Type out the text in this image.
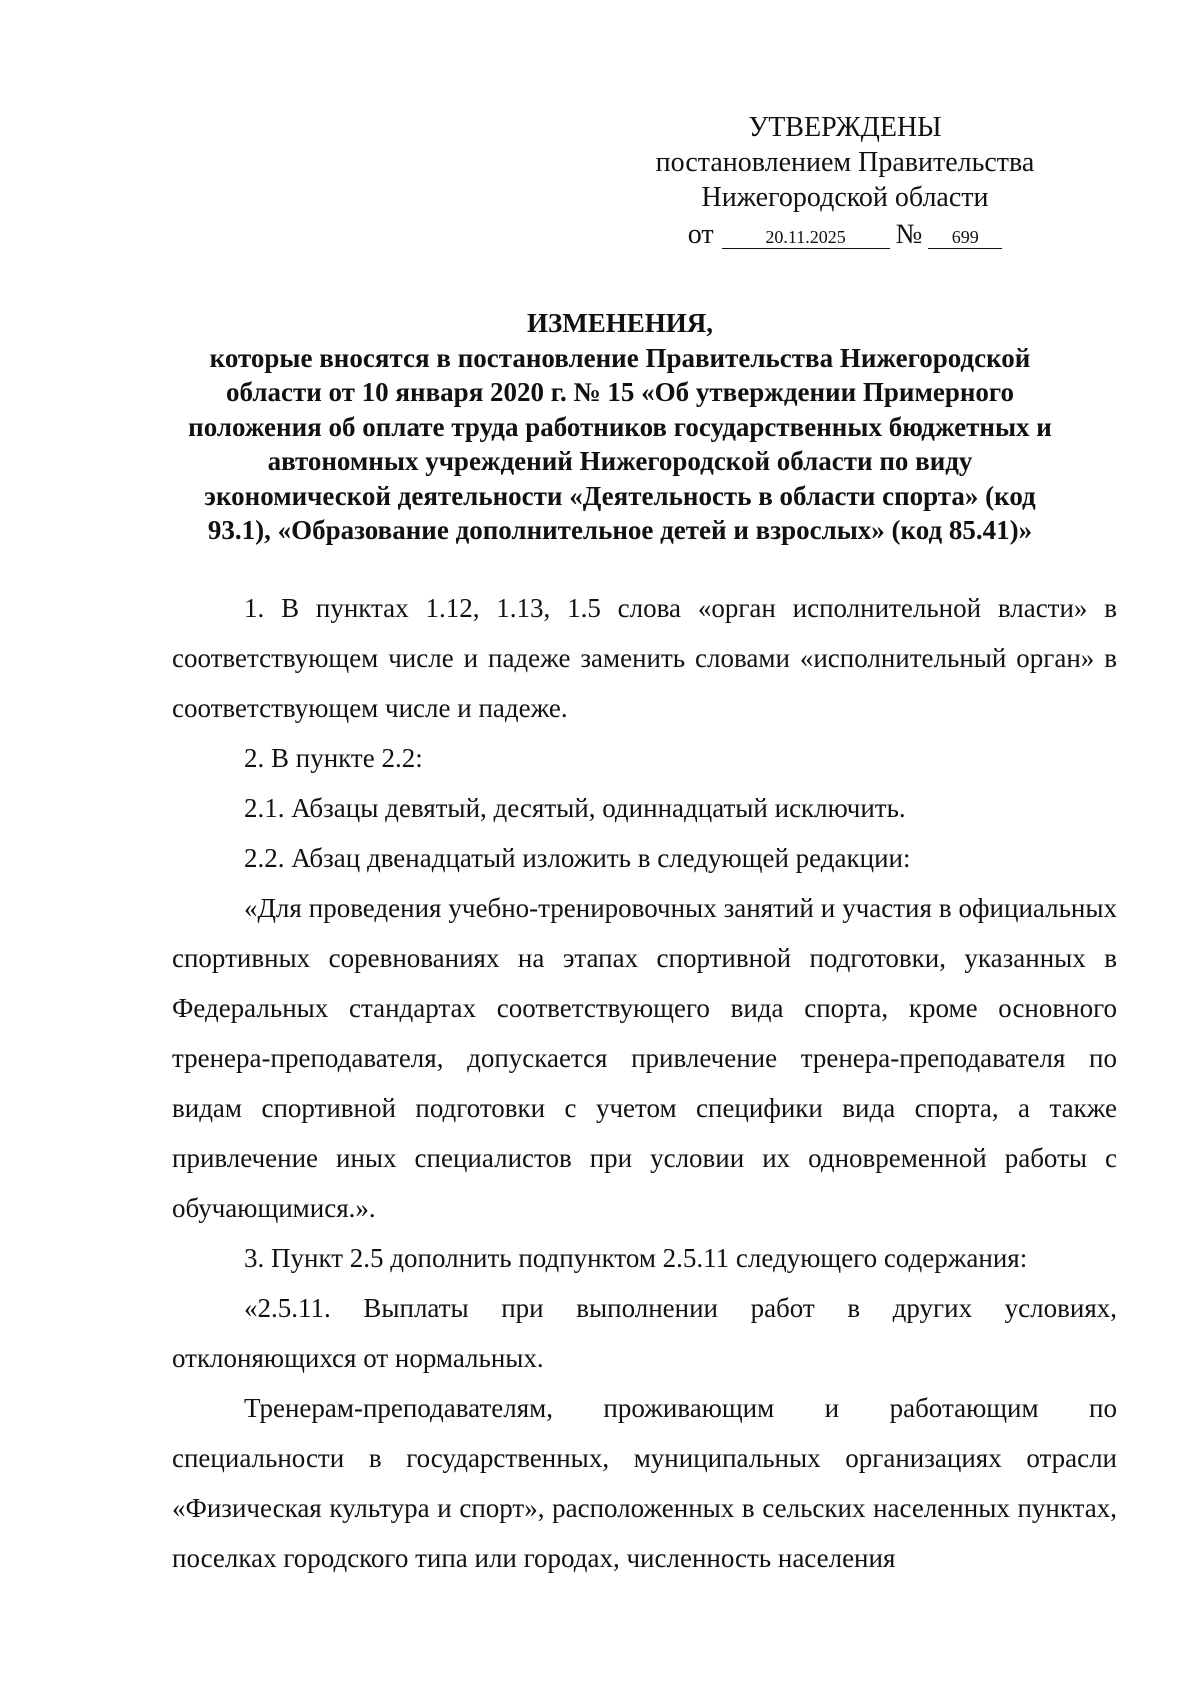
УТВЕРЖДЕНЫ
постановлением Правительства
Нижегородской области
от	20.11.2025 № 699
ИЗМЕНЕНИЯ,
которые вносятся в постановление Правительства Нижегородской
области от 10 января 2020 г. № 15 «Об утверждении Примерного
положения об оплате труда работников государственных бюджетных и
автономных учреждений Нижегородской области по виду
экономической деятельности «Деятельность в области спорта» (код
93.1), «Образование дополнительное детей и взрослых» (код 85.41)»

1. В пунктах 1.12, 1.13, 1.5 слова «орган исполнительной власти» в соответствующем числе и падеже заменить словами «исполнительный орган» в соответствующем числе и падеже.

2. В пункте 2.2:

2.1. Абзацы девятый, десятый, одиннадцатый исключить.

2.2. Абзац двенадцатый изложить в следующей редакции:

«Для проведения учебно-тренировочных занятий и участия в официальных спортивных соревнованиях на этапах спортивной подготовки, указанных в Федеральных стандартах соответствующего вида спорта, кроме основного тренера-преподавателя, допускается привлечение тренера-преподавателя по видам спортивной подготовки с учетом специфики вида спорта, а также привлечение иных специалистов при условии их одновременной работы с обучающимися.».

3. Пункт 2.5 дополнить подпунктом 2.5.11 следующего содержания:

«2.5.11. Выплаты при выполнении работ в других условиях, отклоняющихся от нормальных.

Тренерам-преподавателям, проживающим и работающим по специальности в государственных, муниципальных организациях отрасли «Физическая культура и спорт», расположенных в сельских населенных пунктах, поселках городского типа или городах, численность населения
